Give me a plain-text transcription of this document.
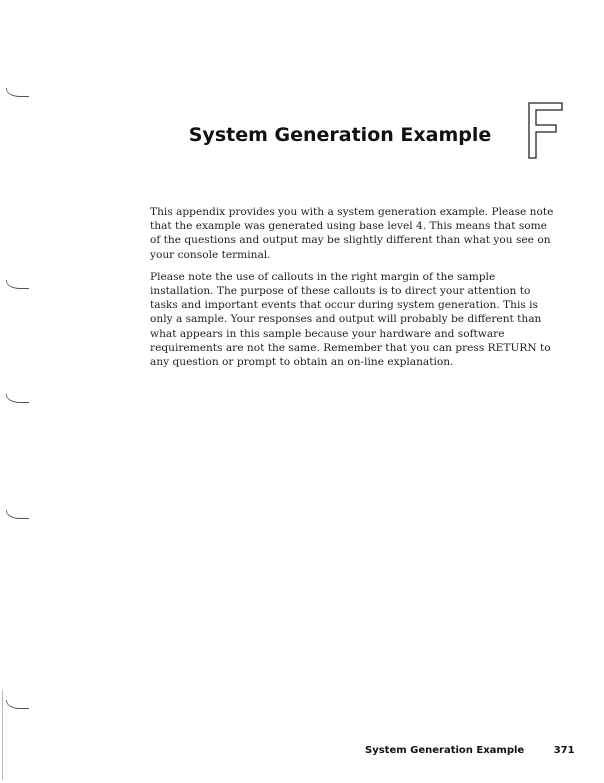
System Generation Example

This appendix provides you with a system generation example. Please note that the example was generated using base level 4. This means that some of the questions and output may be slightly different than what you see on your console terminal.

Please note the use of callouts in the right margin of the sample installation. The purpose of these callouts is to direct your attention to tasks and important events that occur during system generation. This is only a sample. Your responses and output will probably be different than what appears in this sample because your hardware and software requirements are not the same. Remember that you can press RETURN to any question or prompt to obtain an on-line explanation.

System Generation Example	371
